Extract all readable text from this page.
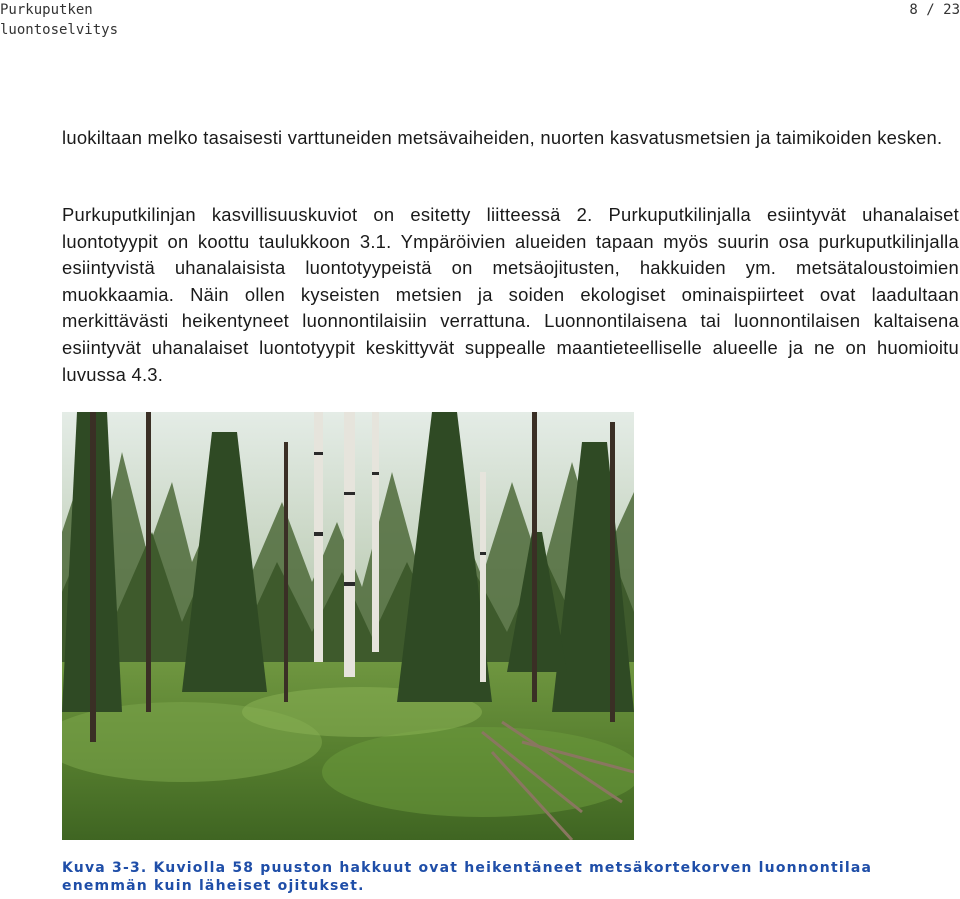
Purkuputken
luontoselvitys
8 / 23

luokiltaan melko tasaisesti varttuneiden metsävaiheiden, nuorten kasvatusmetsien ja taimikoiden kesken.

Purkuputkilinjan kasvillisuuskuviot on esitetty liitteessä 2. Purkuputkilinjalla esiintyvät uhanalaiset luontotyypit on koottu taulukkoon 3.1. Ympäröivien alueiden tapaan myös suurin osa purkuputkilinjalla esiintyvistä uhanalaisista luontotyypeistä on metsäojitusten, hakkuiden ym. metsätaloustoimien muokkaamia. Näin ollen kyseisten metsien ja soiden ekologiset ominaispiirteet ovat laadultaan merkittävästi heikentyneet luonnontilaisiin verrattuna. Luonnontilaisena tai luonnontilaisen kaltaisena esiintyvät uhanalaiset luontotyypit keskittyvät suppealle maantieteelliselle alueelle ja ne on huomioitu luvussa 4.3.

Kuva 3-3. Kuviolla 58 puuston hakkuut ovat heikentäneet metsäkortekorven luonnontilaa enemmän kuin läheiset ojitukset.
